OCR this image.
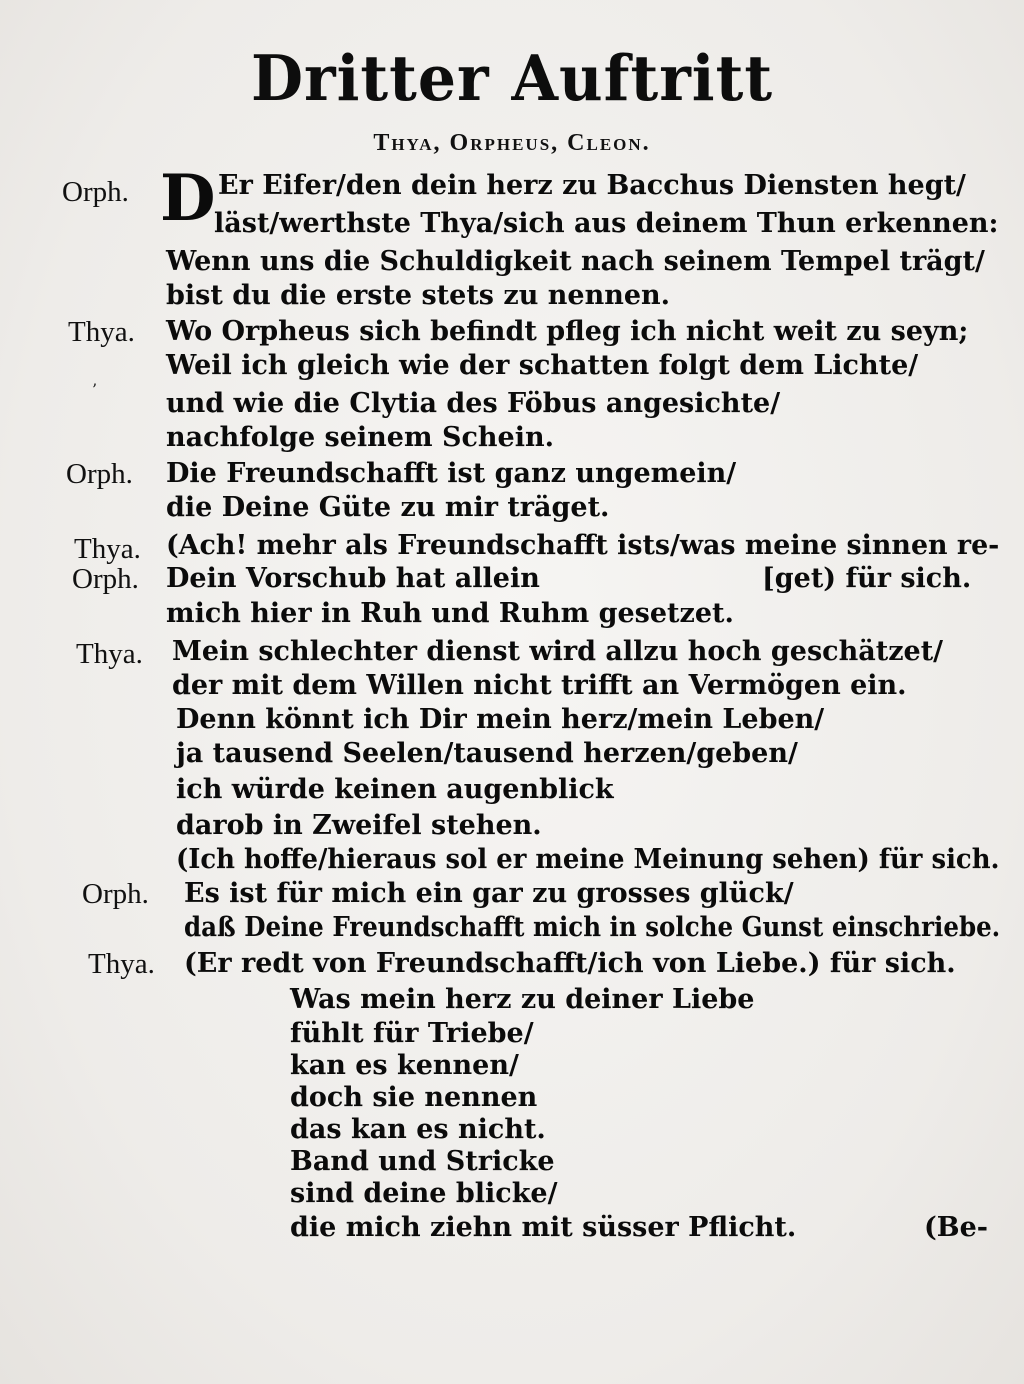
Dritter Auftritt
Thya, Orpheus, Cleon.
Orph.
Thya.
Orph.
Thya.
Orph.
Thya.
Orph.
Thya.
’
D Er Eifer/den dein herz zu Bacchus Diensten hegt/
läst/werthste Thya/sich aus deinem Thun erkennen:
Wenn uns die Schuldigkeit nach seinem Tempel trägt/
bist du die erste stets zu nennen.
Wo Orpheus sich befindt pfleg ich nicht weit zu seyn;
Weil ich gleich wie der schatten folgt dem Lichte/
und wie die Clytia des Föbus angesichte/
nachfolge seinem Schein.
Die Freundschafft ist ganz ungemein/
die Deine Güte zu mir träget.
(Ach! mehr als Freundschafft ists/was meine sinnen re-
Dein Vorschub hat allein	[get) für sich.
mich hier in Ruh und Ruhm gesetzet.
Mein schlechter dienst wird allzu hoch geschätzet/
der mit dem Willen nicht trifft an Vermögen ein.
Denn könnt ich Dir mein herz/mein Leben/
ja tausend Seelen/tausend herzen/geben/
ich würde keinen augenblick
darob in Zweifel stehen.
(Ich hoffe/hieraus sol er meine Meinung sehen) für sich.
Es ist für mich ein gar zu grosses glück/
daß Deine Freundschafft mich in solche Gunst einschriebe.
(Er redt von Freundschafft/ich von Liebe.) für sich.
Was mein herz zu deiner Liebe
fühlt für Triebe/
kan es kennen/
doch sie nennen
das kan es nicht.
Band und Stricke
sind deine blicke/
die mich ziehn mit süsser Pflicht.	(Be-
